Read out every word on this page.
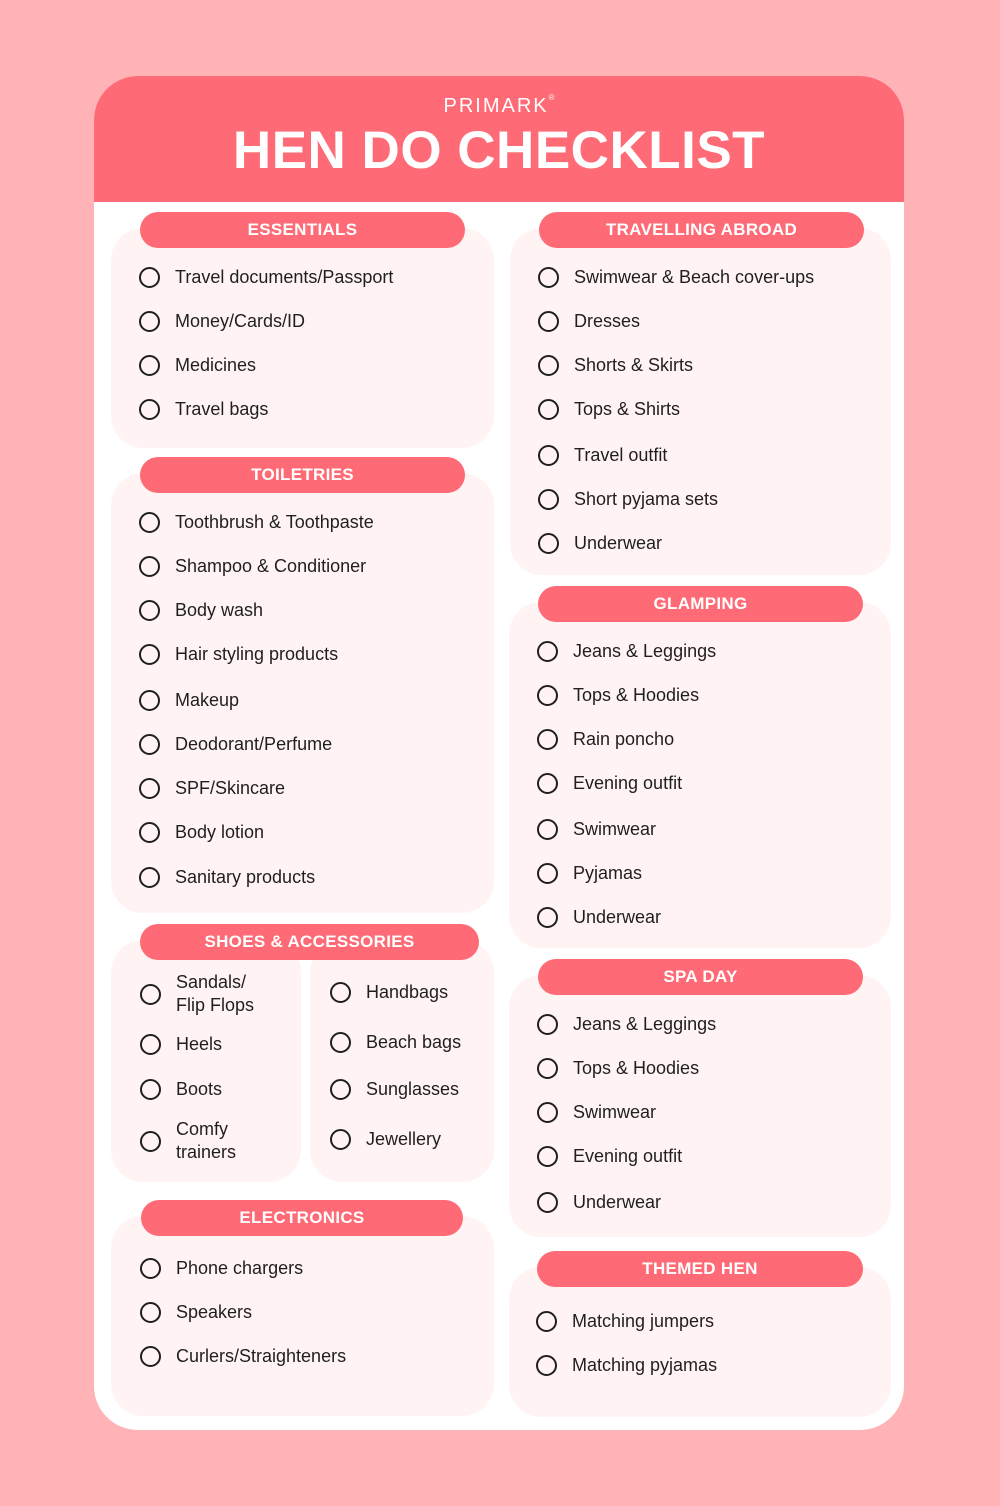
PRIMARK®
HEN DO CHECKLIST
ESSENTIALS
Travel documents/Passport
Money/Cards/ID
Medicines
Travel bags
TOILETRIES
Toothbrush & Toothpaste
Shampoo & Conditioner
Body wash
Hair styling products
Makeup
Deodorant/Perfume
SPF/Skincare
Body lotion
Sanitary products
SHOES & ACCESSORIES
Sandals/
Flip Flops
Heels
Boots
Comfy
trainers
Handbags
Beach bags
Sunglasses
Jewellery
ELECTRONICS
Phone chargers
Speakers
Curlers/Straighteners
TRAVELLING ABROAD
Swimwear & Beach cover-ups
Dresses
Shorts & Skirts
Tops & Shirts
Travel outfit
Short pyjama sets
Underwear
GLAMPING
Jeans & Leggings
Tops & Hoodies
Rain poncho
Evening outfit
Swimwear
Pyjamas
Underwear
SPA DAY
Jeans & Leggings
Tops & Hoodies
Swimwear
Evening outfit
Underwear
THEMED HEN
Matching jumpers
Matching pyjamas
